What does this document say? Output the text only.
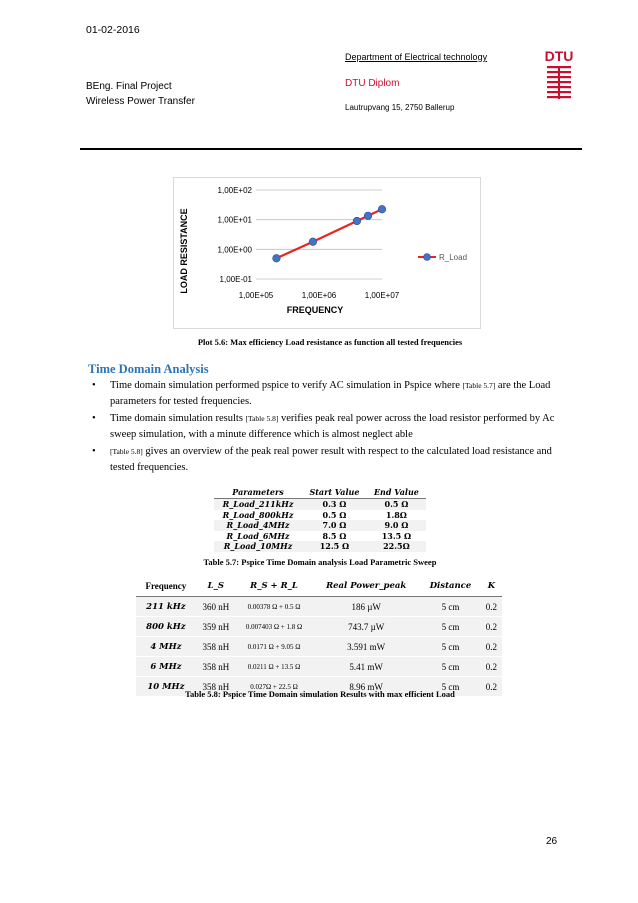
01-02-2016
BEng. Final Project
Wireless Power Transfer
Department of Electrical technology
DTU Diplom
Lautrupvang 15, 2750 Ballerup
DTU
1,00E-01
1,00E+00
1,00E+01
1,00E+02
1,00E+05	1,00E+06	1,00E+07
FREQUENCY
LOAD RESISTANCE	R_Load
Plot 5.6: Max efficiency Load resistance as function all tested frequencies
Time Domain Analysis
• Time domain simulation performed pspice to verify AC simulation in Pspice where [Table 5.7] are the Load parameters for tested frequencies.
• Time domain simulation results [Table 5.8] verifies peak real power across the load resistor performed by Ac sweep simulation, with a minute difference which is almost neglect able
• [Table 5.8] gives an overview of the peak real power result with respect to the calculated load resistance and tested frequencies.
Parameters	Start Value	End Value
R_Load_211kHz	0.3 Ω	0.5 Ω
R_Load_800kHz	0.5 Ω	1.8Ω
R_Load_4MHz	7.0 Ω	9.0 Ω
R_Load_6MHz	8.5 Ω	13.5 Ω
R_Load_10MHz	12.5 Ω	22.5Ω
Table 5.7: Pspice Time Domain analysis Load Parametric Sweep
Frequency	L_S	R_S + R_L	Real Power_peak	Distance	K
211 kHz	360 nH	0.00378 Ω + 0.5 Ω	186 µW	5 cm	0.2
800 kHz	359 nH	0.007403 Ω + 1.8 Ω	743.7 µW	5 cm	0.2
4 MHz	358 nH	0.0171 Ω + 9.05 Ω	3.591 mW	5 cm	0.2
6 MHz	358 nH	0.0211 Ω + 13.5 Ω	5.41 mW	5 cm	0.2
10 MHz	358 nH	0.027Ω + 22.5 Ω	8.96 mW	5 cm	0.2
Table 5.8: Pspice Time Domain simulation Results with max efficient Load
26
